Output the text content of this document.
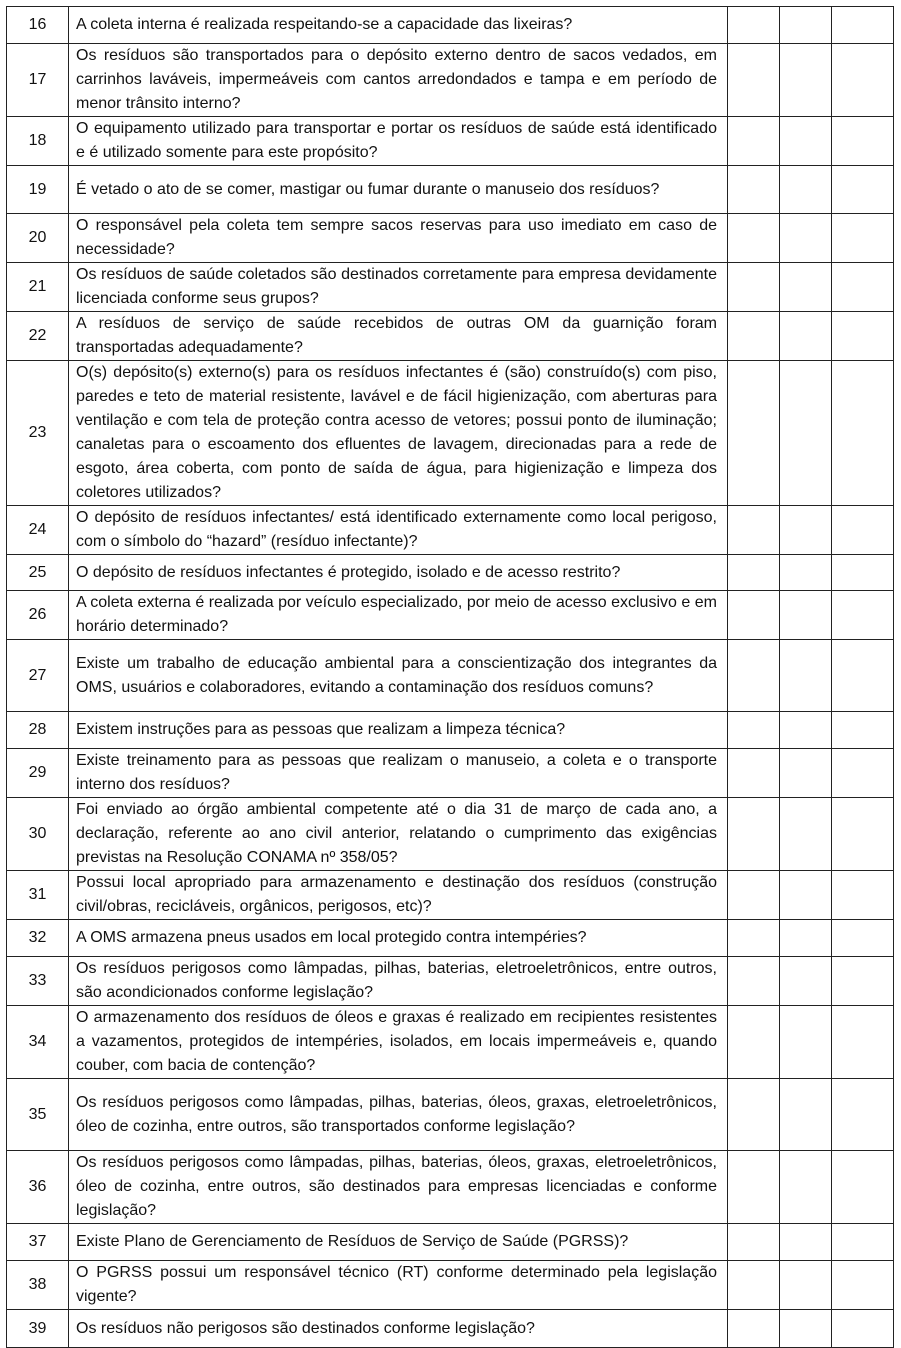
16	A coleta interna é realizada respeitando-se a capacidade das lixeiras?			
17	Os resíduos são transportados para o depósito externo dentro de sacos vedados, em carrinhos laváveis, impermeáveis com cantos arredondados e tampa e em período de menor trânsito interno?			
18	O equipamento utilizado para transportar e portar os resíduos de saúde está identificado e é utilizado somente para este propósito?			
19	É vetado o ato de se comer, mastigar ou fumar durante o manuseio dos resíduos?			
20	O responsável pela coleta tem sempre sacos reservas para uso imediato em caso de necessidade?			
21	Os resíduos de saúde coletados são destinados corretamente para empresa devidamente licenciada conforme seus grupos?			
22	A resíduos de serviço de saúde recebidos de outras OM da guarnição foram transportadas adequadamente?			
23	O(s) depósito(s) externo(s) para os resíduos infectantes é (são) construído(s) com piso, paredes e teto de material resistente, lavável e de fácil higienização, com aberturas para ventilação e com tela de proteção contra acesso de vetores; possui ponto de iluminação; canaletas para o escoamento dos efluentes de lavagem, direcionadas para a rede de esgoto, área coberta, com ponto de saída de água, para higienização e limpeza dos coletores utilizados?			
24	O depósito de resíduos infectantes/ está identificado externamente como local perigoso, com o símbolo do “hazard” (resíduo infectante)?			
25	O depósito de resíduos infectantes é protegido, isolado e de acesso restrito?			
26	A coleta externa é realizada por veículo especializado, por meio de acesso exclusivo e em horário determinado?			
27	Existe um trabalho de educação ambiental para a conscientização dos integrantes da OMS, usuários e colaboradores, evitando a contaminação dos resíduos comuns?			
28	Existem instruções para as pessoas que realizam a limpeza técnica?			
29	Existe treinamento para as pessoas que realizam o manuseio, a coleta e o transporte interno dos resíduos?			
30	Foi enviado ao órgão ambiental competente até o dia 31 de março de cada ano, a declaração, referente ao ano civil anterior, relatando o cumprimento das exigências previstas na Resolução CONAMA nº 358/05?			
31	Possui local apropriado para armazenamento e destinação dos resíduos (construção civil/obras, recicláveis, orgânicos, perigosos, etc)?			
32	A OMS armazena pneus usados em local protegido contra intempéries?			
33	Os resíduos perigosos como lâmpadas, pilhas, baterias, eletroeletrônicos, entre outros, são acondicionados conforme legislação?			
34	O armazenamento dos resíduos de óleos e graxas é realizado em recipientes resistentes a vazamentos, protegidos de intempéries, isolados, em locais impermeáveis e, quando couber, com bacia de contenção?			
35	Os resíduos perigosos como lâmpadas, pilhas, baterias, óleos, graxas, eletroeletrônicos, óleo de cozinha, entre outros, são transportados conforme legislação?			
36	Os resíduos perigosos como lâmpadas, pilhas, baterias, óleos, graxas, eletroeletrônicos, óleo de cozinha, entre outros, são destinados para empresas licenciadas e conforme legislação?			
37	Existe Plano de Gerenciamento de Resíduos de Serviço de Saúde (PGRSS)?			
38	O PGRSS possui um responsável técnico (RT) conforme determinado pela legislação vigente?			
39	Os resíduos não perigosos são destinados conforme legislação?			
